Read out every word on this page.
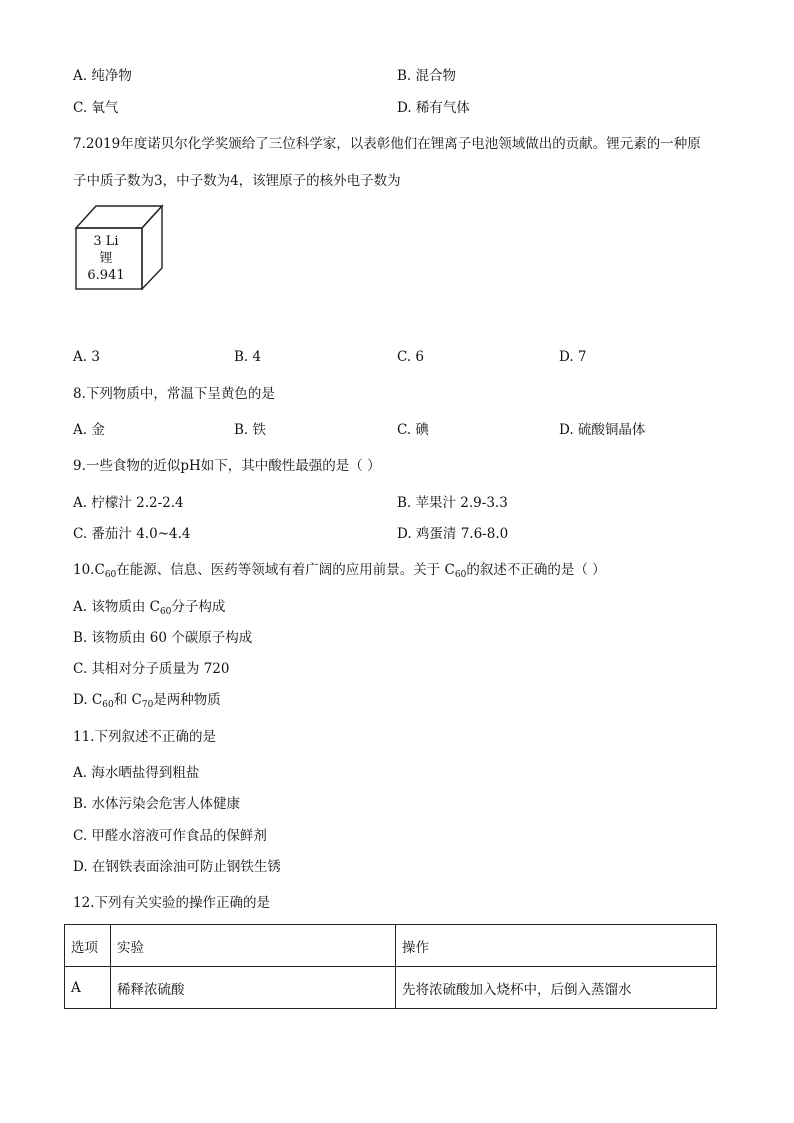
A. 纯净物	B. 混合物
C. 氧气	D. 稀有气体
7.2019年度诺贝尔化学奖颁给了三位科学家，以表彰他们在锂离子电池领域做出的贡献。锂元素的一种原
子中质子数为3，中子数为4，该锂原子的核外电子数为
3 Li
锂
6.941
A. 3	B. 4	C. 6	D. 7
8.下列物质中，常温下呈黄色的是
A. 金	B. 铁	C. 碘	D. 硫酸铜晶体
9.一些食物的近似pH如下，其中酸性最强的是（ ）
A. 柠檬汁 2.2-2.4	B. 苹果汁 2.9-3.3
C. 番茄汁 4.0~4.4	D. 鸡蛋清 7.6-8.0
$10.C_{60}$在能源、信息、医药等领域有着广阔的应用前景。关于 $C_{60}$的叙述不正确的是（ ）
A. 该物质由 $C_{60}$分子构成
B. 该物质由 60 个碳原子构成
C. 其相对分子质量为 720
D. $C_{60}$和 $C_{70}$是两种物质
11.下列叙述不正确的是
A. 海水晒盐得到粗盐
B. 水体污染会危害人体健康
C. 甲醛水溶液可作食品的保鲜剂
D. 在钢铁表面涂油可防止钢铁生锈
12.下列有关实验的操作正确的是
选项	实验	操作
A	稀释浓硫酸	先将浓硫酸加入烧杯中，后倒入蒸馏水
